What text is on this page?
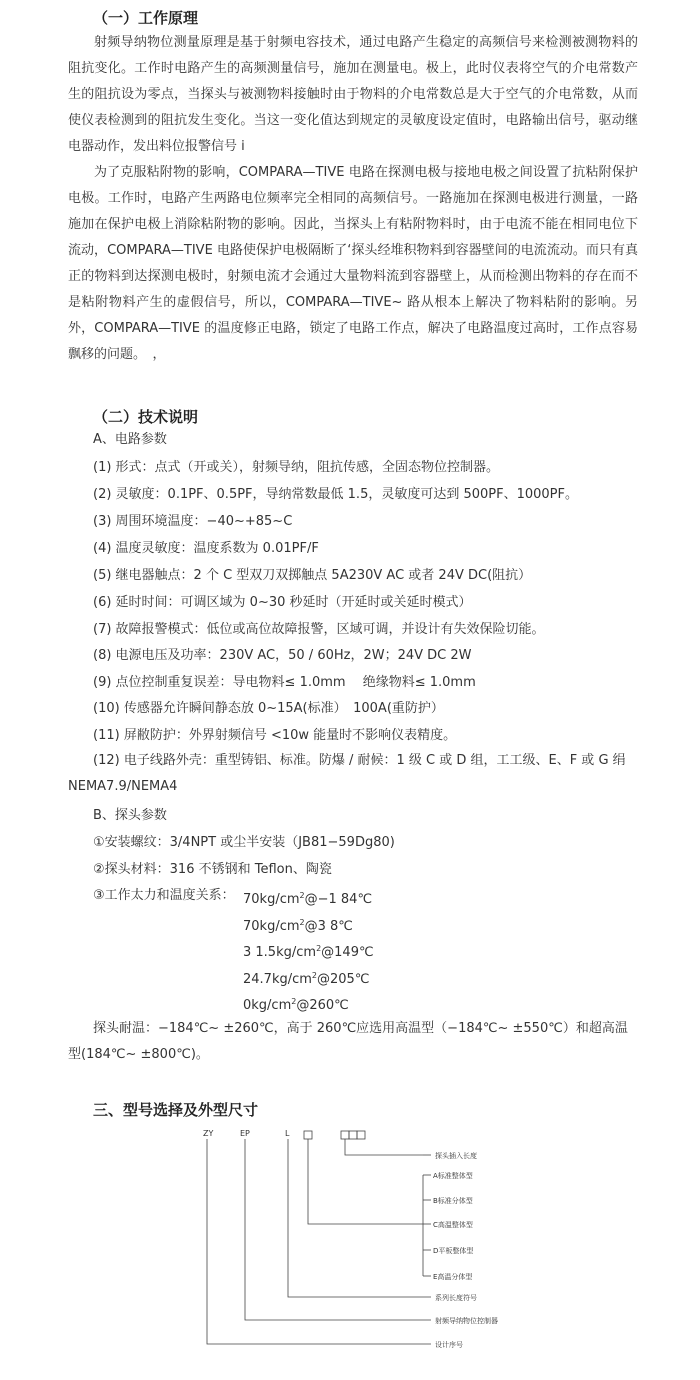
（一）工作原理
射频导纳物位测量原理是基于射频电容技术，通过电路产生稳定的高频信号来检测被测物料的阻抗变化。工作时电路产生的高频测量信号，施加在测量电。极上，此时仪表将空气的介电常数产生的阻抗设为零点，当探头与被测物料接触时由于物料的介电常数总是大于空气的介电常数，从而使仪表检测到的阻抗发生变化。当这一变化值达到规定的灵敏度设定值时，电路输出信号，驱动继电器动作，发出料位报警信号 i
为了克服粘附物的影响，COMPARA—TIVE 电路在探测电极与接地电极之间设置了抗粘附保护电极。工作时，电路产生两路电位频率完全相同的高频信号。一路施加在探测电极进行测量，一路施加在保护电极上消除粘附物的影响。因此，当探头上有粘附物料时，由于电流不能在相同电位下流动，COMPARA—TIVE 电路使保护电极隔断了‘探头经堆积物料到容器壁间的电流流动。而只有真正的物料到达探测电极时，射频电流才会通过大量物料流到容器壁上，从而检测出物料的存在而不是粘附物料产生的虚假信号，所以，COMPARA—TIVE~ 路从根本上解决了物料粘附的影响。另外，COMPARA—TIVE 的温度修正电路，锁定了电路工作点，解决了电路温度过高时，工作点容易飘移的问题。　，
（二）技术说明
A、电路参数
(1) 形式：点式（开或关），射频导纳，阻抗传感，全固态物位控制器。
(2) 灵敏度：0.1PF、0.5PF，导纳常数最低 1.5，灵敏度可达到 500PF、1000PF。
(3) 周围环境温度：−40~+85~C
(4) 温度灵敏度：温度系数为 0.01PF/F
(5) 继电器触点：2 个 C 型双刀双掷触点 5A230V AC 或者 24V DC(阻抗）
(6) 延时时间：可调区域为 0~30 秒延时（开延时或关延时模式）
(7) 故障报警模式：低位或高位故障报警，区域可调，并设计有失效保险切能。
(8) 电源电压及功率：230V AC，50 / 60Hz，2W；24V DC 2W
(9) 点位控制重复误差：导电物料≤ 1.0mm　 绝缘物料≤ 1.0mm
(10) 传感器允许瞬间静态放 0~15A(标准）　100A(重防护）
(11) 屏敝防护：外界射频信号 <10w 能量时不影响仪表精度。
(12) 电子线路外壳：重型铸铝、标准。防爆 / 耐候：1 级 C 或 D 组，工工级、E、F 或 G 绢 NEMA7.9/NEMA4
B、探头参数
①安装螺纹：3/4NPT 或尘半安装（JB81−59Dg80)
②探头材料：316 不锈钢和 Teflon、陶瓷
③工作太力和温度关系： $70kg/cm^2@-1$ 84℃
$70kg/cm^2@3$ 8℃
3 $1.5kg/cm^2@149℃$
$24.7kg/cm^2@205℃$
$0kg/cm^2@260℃$
探头耐温：−184℃~ ±260℃，高于 260℃应选用高温型（−184℃~ ±550℃）和超高温型(184℃~ ±800℃)。
三、型号选择及外型尺寸
ZY	EP	L
探头插入长度
A标准整体型
B标准分体型
C高温整体型
D平板整体型
E高温分体型
系列长度符号
射频导纳物位控制器
设计序号
